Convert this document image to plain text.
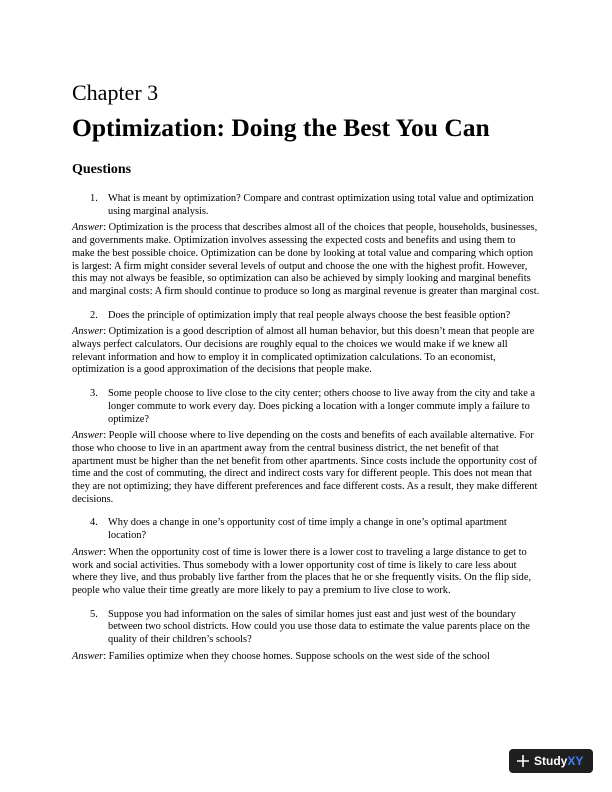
Chapter 3
Optimization: Doing the Best You Can
Questions

1. What is meant by optimization? Compare and contrast optimization using total value and optimization using marginal analysis.

Answer: Optimization is the process that describes almost all of the choices that people, households, businesses, and governments make. Optimization involves assessing the expected costs and benefits and using them to make the best possible choice. Optimization can be done by looking at total value and comparing which option is largest: A firm might consider several levels of output and choose the one with the highest profit. However, this may not always be feasible, so optimization can also be achieved by simply looking and marginal benefits and marginal costs: A firm should continue to produce so long as marginal revenue is greater than marginal cost.

2. Does the principle of optimization imply that real people always choose the best feasible option?

Answer: Optimization is a good description of almost all human behavior, but this doesn’t mean that people are always perfect calculators. Our decisions are roughly equal to the choices we would make if we knew all relevant information and how to employ it in complicated optimization calculations. To an economist, optimization is a good approximation of the decisions that people make.

3. Some people choose to live close to the city center; others choose to live away from the city and take a longer commute to work every day. Does picking a location with a longer commute imply a failure to optimize?

Answer: People will choose where to live depending on the costs and benefits of each available alternative. For those who choose to live in an apartment away from the central business district, the net benefit of that apartment must be higher than the net benefit from other apartments. Since costs include the opportunity cost of time and the cost of commuting, the direct and indirect costs vary for different people. This does not mean that they are not optimizing; they have different preferences and face different costs. As a result, they make different decisions.

4. Why does a change in one’s opportunity cost of time imply a change in one’s optimal apartment location?

Answer: When the opportunity cost of time is lower there is a lower cost to traveling a large distance to get to work and social activities. Thus somebody with a lower opportunity cost of time is likely to care less about where they live, and thus probably live farther from the places that he or she frequently visits. On the flip side, people who value their time greatly are more likely to pay a premium to live close to work.

5. Suppose you had information on the sales of similar homes just east and just west of the boundary between two school districts. How could you use those data to estimate the value parents place on the quality of their children’s schools?

Answer: Families optimize when they choose homes. Suppose schools on the west side of the school

StudyXY
